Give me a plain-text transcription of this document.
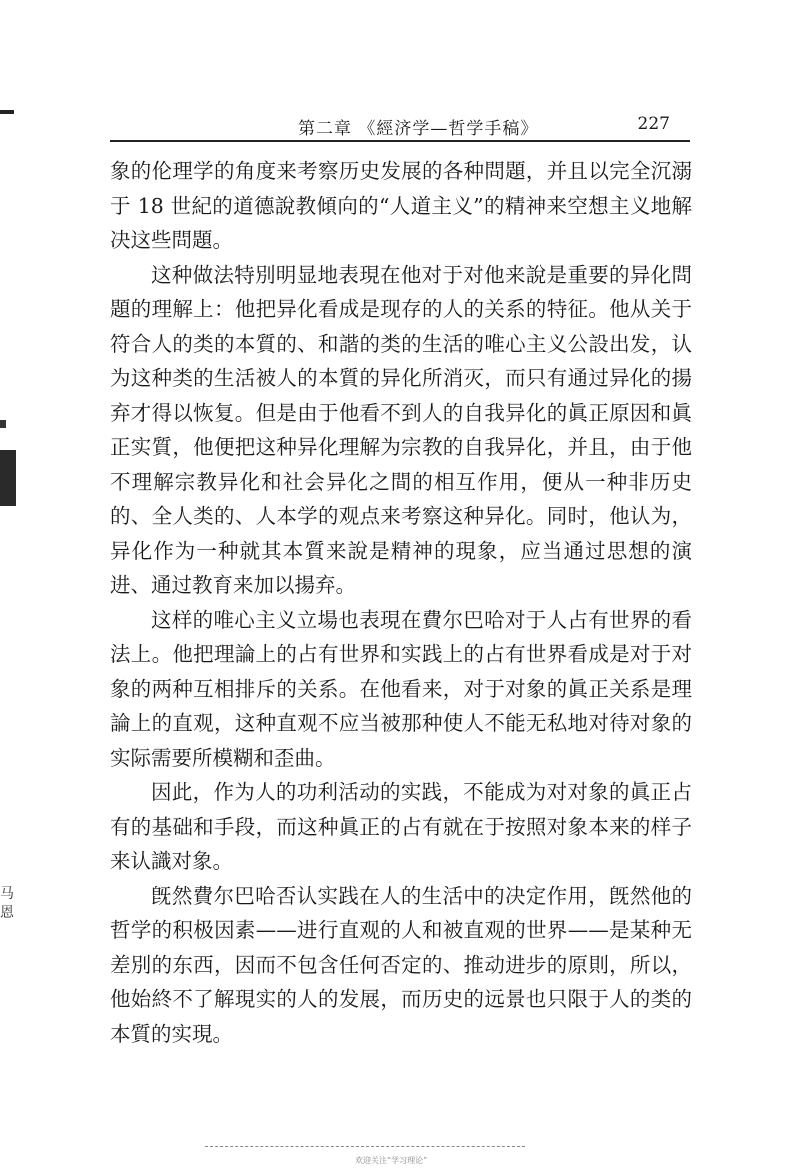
马恩
第二章 《經济学—哲学手稿》	227

象的伦理学的角度来考察历史发展的各种問題，并且以完全沉溺于 18 世紀的道德說教傾向的“人道主义”的精神来空想主义地解决这些問題。

这种做法特別明显地表現在他对于对他来說是重要的异化問題的理解上：他把异化看成是现存的人的关系的特征。他从关于符合人的类的本質的、和諧的类的生活的唯心主义公設出发，认为这种类的生活被人的本質的异化所消灭，而只有通过异化的揚弃才得以恢复。但是由于他看不到人的自我异化的眞正原因和眞正实質，他便把这种异化理解为宗教的自我异化，并且，由于他不理解宗教异化和社会异化之間的相互作用，便从一种非历史的、全人类的、人本学的观点来考察这种异化。同时，他认为，异化作为一种就其本質来說是精神的現象，应当通过思想的演进、通过教育来加以揚弃。

这样的唯心主义立場也表現在費尔巴哈对于人占有世界的看法上。他把理論上的占有世界和实践上的占有世界看成是对于对象的两种互相排斥的关系。在他看来，对于对象的眞正关系是理論上的直观，这种直观不应当被那种使人不能无私地对待对象的实际需要所模糊和歪曲。

因此，作为人的功利活动的实践，不能成为对对象的眞正占有的基础和手段，而这种眞正的占有就在于按照对象本来的样子来认識对象。

旣然費尔巴哈否认实践在人的生活中的决定作用，旣然他的哲学的积极因素——进行直观的人和被直观的世界——是某种无差別的东西，因而不包含任何否定的、推动进步的原則，所以，他始終不了解現实的人的发展，而历史的远景也只限于人的类的本質的实現。

欢迎关注“学习理论”
